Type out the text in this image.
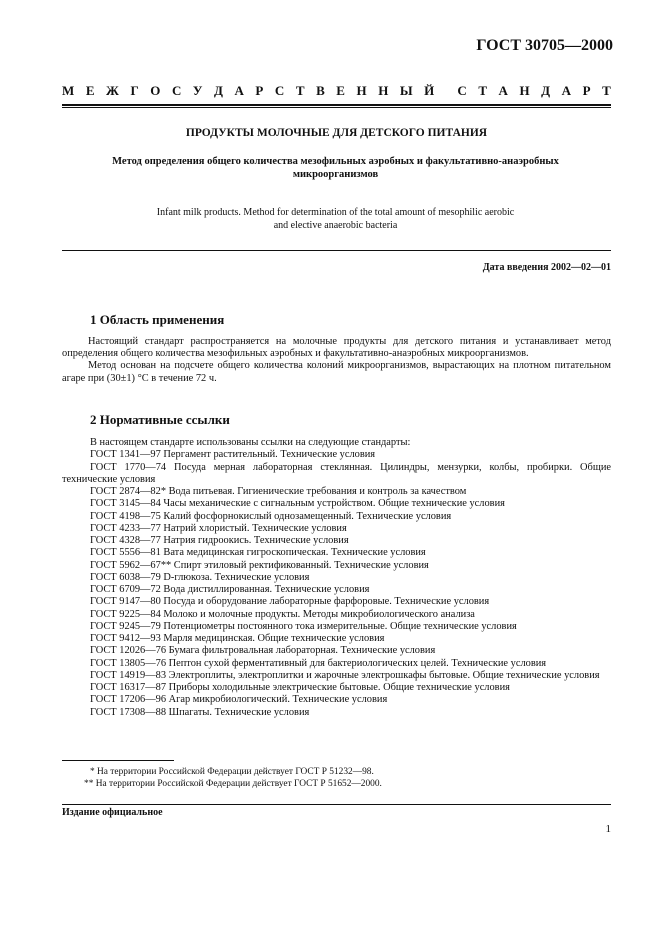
ГОСТ 30705—2000
М Е Ж Г О С У Д А Р С Т В Е Н Н Ы Й С Т А Н Д А Р Т
ПРОДУКТЫ МОЛОЧНЫЕ ДЛЯ ДЕТСКОГО ПИТАНИЯ
Метод определения общего количества мезофильных аэробных и факультативно-анаэробных
микроорганизмов
Infant milk products. Method for determination of the total amount of mesophilic aerobic
and elective anaerobic bacteria
Дата введения 2002—02—01
1 Область применения

Настоящий стандарт распространяется на молочные продукты для детского питания и устанавливает метод определения общего количества мезофильных аэробных и факультативно-анаэробных микроорганизмов.

Метод основан на подсчете общего количества колоний микроорганизмов, вырастающих на плотном питательном агаре при (30±1) °С в течение 72 ч.

2 Нормативные ссылки

В настоящем стандарте использованы ссылки на следующие стандарты:

ГОСТ 1341—97 Пергамент растительный. Технические условия

ГОСТ 1770—74 Посуда мерная лабораторная стеклянная. Цилиндры, мензурки, колбы, пробирки. Общие технические условия

ГОСТ 2874—82* Вода питьевая. Гигиенические требования и контроль за качеством

ГОСТ 3145—84 Часы механические с сигнальным устройством. Общие технические условия

ГОСТ 4198—75 Калий фосфорнокислый однозамещенный. Технические условия

ГОСТ 4233—77 Натрий хлористый. Технические условия

ГОСТ 4328—77 Натрия гидроокись. Технические условия

ГОСТ 5556—81 Вата медицинская гигроскопическая. Технические условия

ГОСТ 5962—67** Спирт этиловый ректификованный. Технические условия

ГОСТ 6038—79 D-глюкоза. Технические условия

ГОСТ 6709—72 Вода дистиллированная. Технические условия

ГОСТ 9147—80 Посуда и оборудование лабораторные фарфоровые. Технические условия

ГОСТ 9225—84 Молоко и молочные продукты. Методы микробиологического анализа

ГОСТ 9245—79 Потенциометры постоянного тока измерительные. Общие технические условия

ГОСТ 9412—93 Марля медицинская. Общие технические условия

ГОСТ 12026—76 Бумага фильтровальная лабораторная. Технические условия

ГОСТ 13805—76 Пептон сухой ферментативный для бактериологических целей. Технические условия

ГОСТ 14919—83 Электроплиты, электроплитки и жарочные электрошкафы бытовые. Общие технические условия

ГОСТ 16317—87 Приборы холодильные электрические бытовые. Общие технические условия

ГОСТ 17206—96 Агар микробиологический. Технические условия

ГОСТ 17308—88 Шпагаты. Технические условия

* На территории Российской Федерации действует ГОСТ Р 51232—98.

** На территории Российской Федерации действует ГОСТ Р 51652—2000.

Издание официальное
1
